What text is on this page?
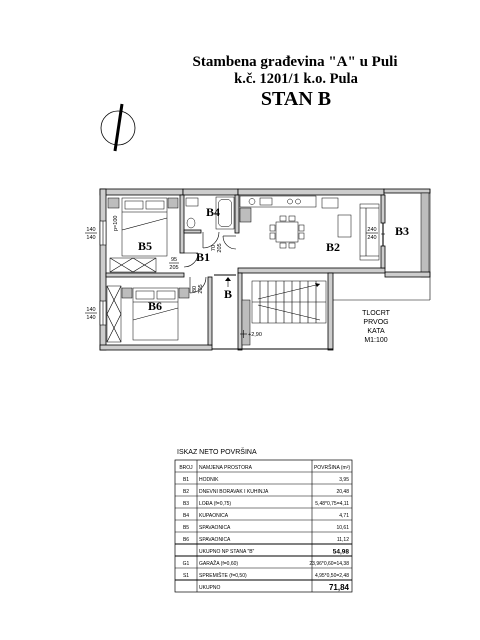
Stambena građevina "A" u Puli
k.č. 1201/1 k.o. Pula
STAN B
B
+2,90
B4
B5
B1
B2
B3
B6
140
140
140
140
p=100
95
205
70 205
80 205
240
240
TLOCRT
PRVOG
KATA
M1:100
ISKAZ NETO POVRŠINA
BROJ NAMJENA PROSTORA	POVRŠINA (m²)
B1 HODNIK	3,95
B2 DNEVNI BORAVAK I KUHINJA	20,48
B3 LOĐA (f=0,75)	5,48*0,75=4,11
B4 KUPAONICA	4,71
B5 SPAVAONICA	10,61
B6 SPAVAONICA	11,12
UKUPNO NP STANA "B"	54,98
G1 GARAŽA (f=0,60)	23,96*0,60=14,38
S1 SPREMIŠTE (f=0,50)	4,95*0,50=2,48
UKUPNO	71,84
